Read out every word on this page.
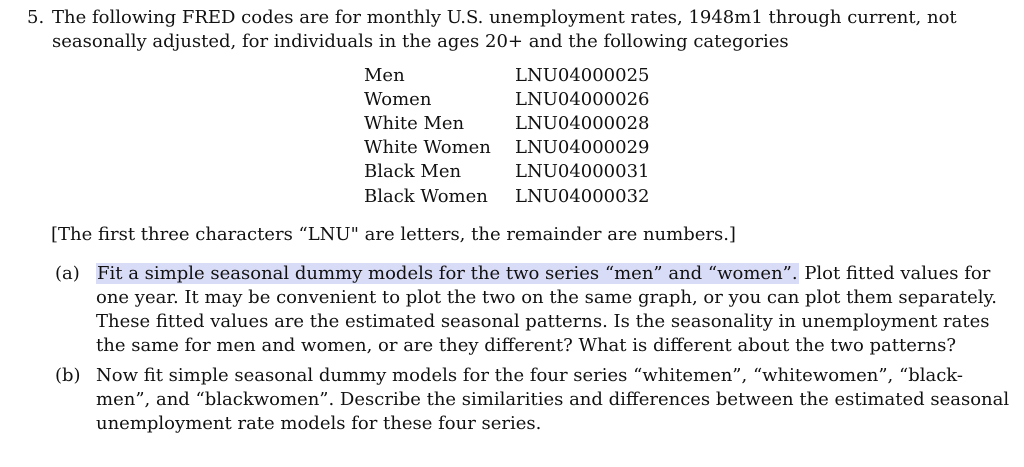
5. The following FRED codes are for monthly U.S. unemployment rates, 1948m1 through current, not
seasonally adjusted, for individuals in the ages 20+ and the following categories
Men	LNU04000025
Women	LNU04000026
White Men	LNU04000028
White Women LNU04000029
Black Men	LNU04000031
Black Women LNU04000032
[The first three characters “LNU" are letters, the remainder are numbers.]
(a) Fit a simple seasonal dummy models for the two series “men” and “women”. Plot fitted values for
one year. It may be convenient to plot the two on the same graph, or you can plot them separately.
These fitted values are the estimated seasonal patterns. Is the seasonality in unemployment rates
the same for men and women, or are they different? What is different about the two patterns?
(b) Now fit simple seasonal dummy models for the four series “whitemen”, “whitewomen”, “black-
men”, and “blackwomen”. Describe the similarities and differences between the estimated seasonal
unemployment rate models for these four series.
